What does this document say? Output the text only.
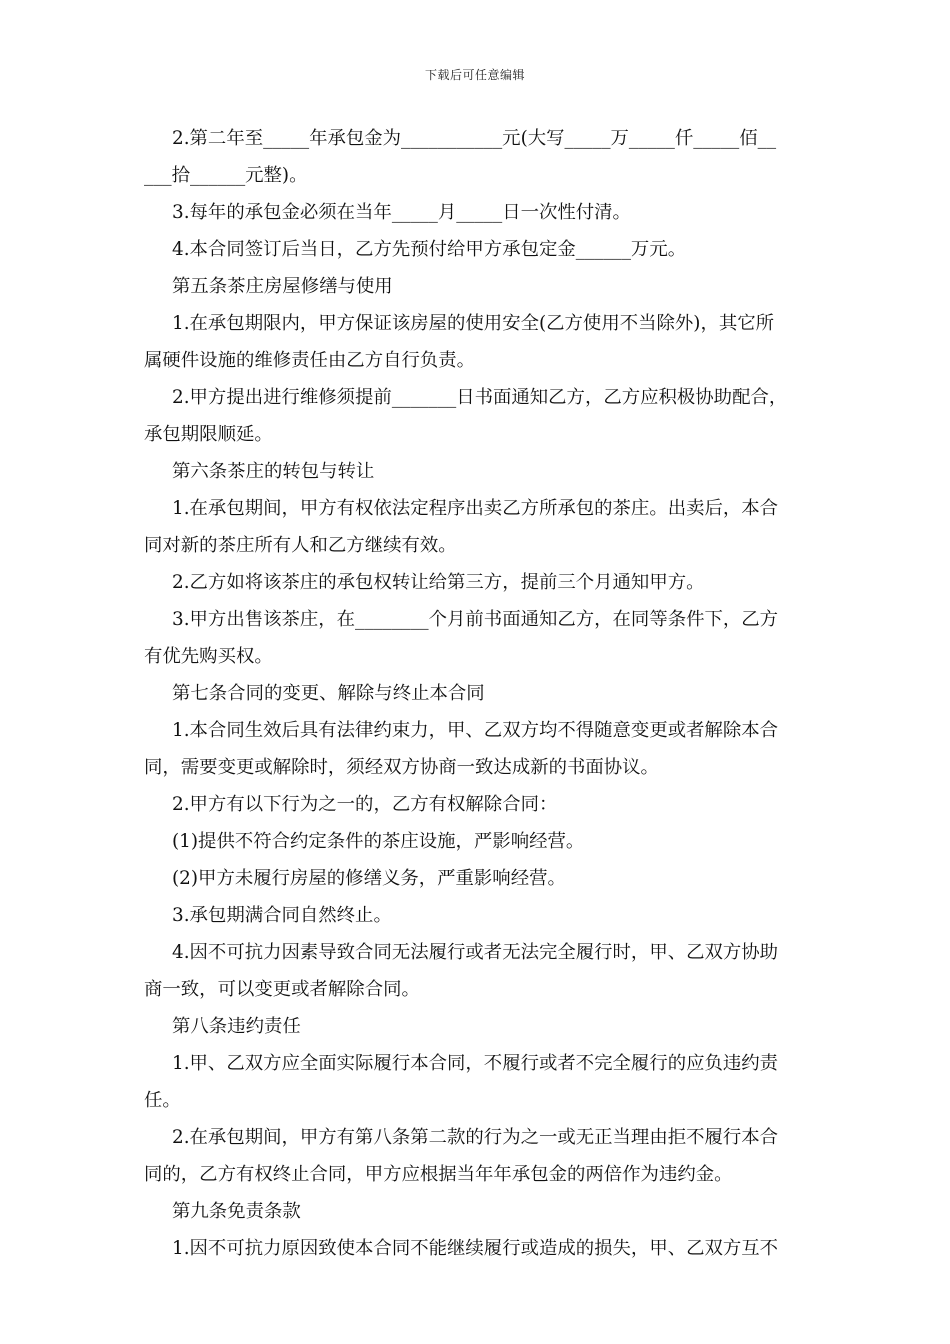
下载后可任意编辑
2.第二年至_____年承包金为___________元(大写_____万_____仟_____佰__
___拾______元整)。
3.每年的承包金必须在当年_____月_____日一次性付清。
4.本合同签订后当日，乙方先预付给甲方承包定金______万元。
第五条茶庄房屋修缮与使用
1.在承包期限内，甲方保证该房屋的使用安全(乙方使用不当除外)，其它所
属硬件设施的维修责任由乙方自行负责。
2.甲方提出进行维修须提前_______日书面通知乙方，乙方应积极协助配合，
承包期限顺延。
第六条茶庄的转包与转让
1.在承包期间，甲方有权依法定程序出卖乙方所承包的茶庄。出卖后，本合
同对新的茶庄所有人和乙方继续有效。
2.乙方如将该茶庄的承包权转让给第三方，提前三个月通知甲方。
3.甲方出售该茶庄，在________个月前书面通知乙方，在同等条件下，乙方
有优先购买权。
第七条合同的变更、解除与终止本合同
1.本合同生效后具有法律约束力，甲、乙双方均不得随意变更或者解除本合
同，需要变更或解除时，须经双方协商一致达成新的书面协议。
2.甲方有以下行为之一的，乙方有权解除合同：
(1)提供不符合约定条件的茶庄设施，严影响经营。
(2)甲方未履行房屋的修缮义务，严重影响经营。
3.承包期满合同自然终止。
4.因不可抗力因素导致合同无法履行或者无法完全履行时，甲、乙双方协助
商一致，可以变更或者解除合同。
第八条违约责任
1.甲、乙双方应全面实际履行本合同，不履行或者不完全履行的应负违约责
任。
2.在承包期间，甲方有第八条第二款的行为之一或无正当理由拒不履行本合
同的，乙方有权终止合同，甲方应根据当年年承包金的两倍作为违约金。
第九条免责条款
1.因不可抗力原因致使本合同不能继续履行或造成的损失，甲、乙双方互不
